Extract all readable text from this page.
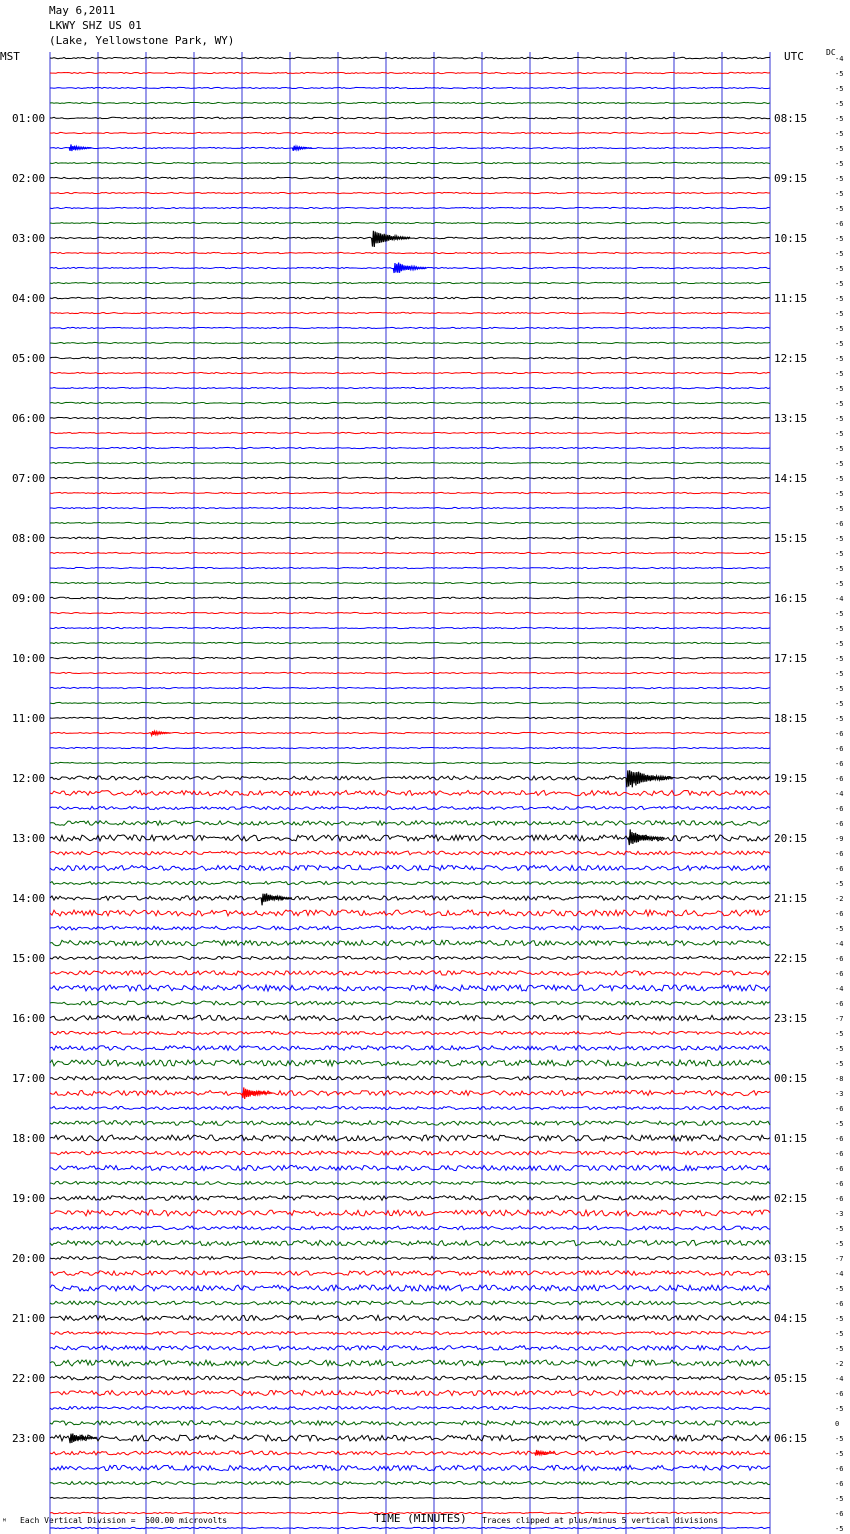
May 6,2011
LKWY SHZ US 01
(Lake, Yellowstone Park, WY)
MST	UTC	DC
ᴹ Each Vertical Division =  500.00 microvolts	TIME (MINUTES) Traces clipped at plus/minus 5 vertical divisions
-4
-5
-5
-5
-5
-5
-5
-5
-5
-5
-5
-6
-5
-5
-5
-5
-5
-5
-5
-5
-5
-5
-5
-5
-5
-5
-5
-5
-5
-5
-5
-6
-5
-5
-5
-5
-4
-5
-5
-5
-5
-5
-5
-5
-5
-6
-6
-6
-6
-4
-6
-6
-9
-6
-6
-5
-2
-6
-5
-4
-6
-6
-4
-6
-7
-5
-5
-5
-8
-3
-6
-5
-6
-6
-6
-6
-6
-3
-5
-5
-7
-4
-5
-6
-5
-5
-5
-2
-4
-6
-5
0
-5
-5
-6
-6
-5
-6
-5
01:00
02:00
03:00
04:00
05:00
06:00
07:00
08:00
09:00
10:00
11:00
12:00
13:00
14:00
15:00
16:00
17:00
18:00
19:00
20:00
21:00
22:00
23:00
08:15
09:15
10:15
11:15
12:15
13:15
14:15
15:15
16:15
17:15
18:15
19:15
20:15
21:15
22:15
23:15
00:15
01:15
02:15
03:15
04:15
05:15
06:15
